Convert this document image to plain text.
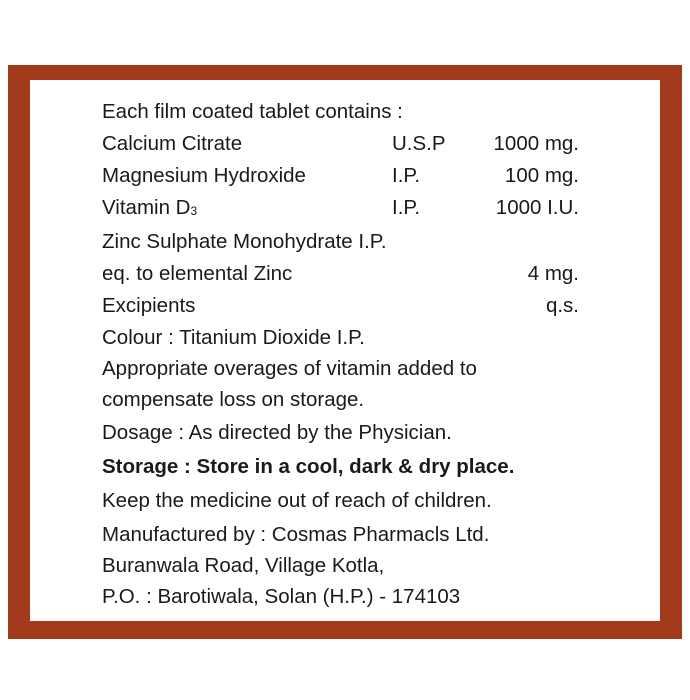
Each film coated tablet contains :
Calcium Citrate	U.S.P 1000 mg.
Magnesium Hydroxide	I.P.	100 mg.
Vitamin $D_3$	I.P.	1000 I.U.
Zinc Sulphate Monohydrate I.P.
eq. to elemental Zinc	4 mg.
Excipients	q.s.
Colour : Titanium Dioxide I.P.
Appropriate overages of vitamin added to
compensate loss on storage.
Dosage : As directed by the Physician.
Storage : Store in a cool, dark & dry place.
Keep the medicine out of reach of children.
Manufactured by : Cosmas Pharmacls Ltd.
Buranwala Road, Village Kotla,
P.O. : Barotiwala, Solan (H.P.) - 174103
